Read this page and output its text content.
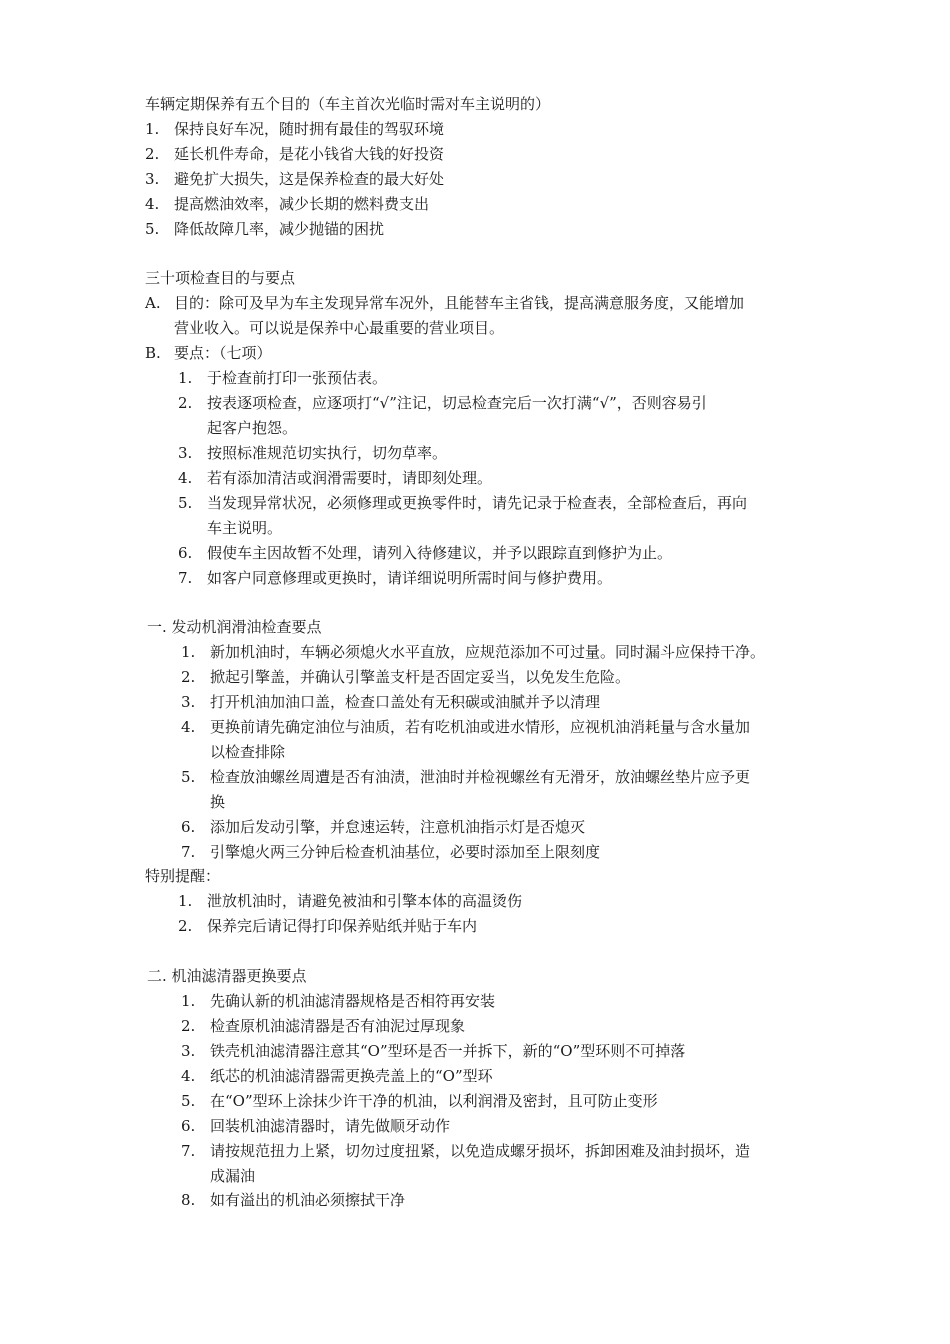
车辆定期保养有五个目的（车主首次光临时需对车主说明的）
1. 保持良好车况，随时拥有最佳的驾驭环境
2. 延长机件寿命，是花小钱省大钱的好投资
3. 避免扩大损失，这是保养检查的最大好处
4. 提高燃油效率，减少长期的燃料费支出
5. 降低故障几率，减少抛锚的困扰
三十项检查目的与要点
A. 目的：除可及早为车主发现异常车况外，且能替车主省钱，提高满意服务度，又能增加
营业收入。可以说是保养中心最重要的营业项目。
B. 要点：（七项）
1. 于检查前打印一张预估表。
2. 按表逐项检查，应逐项打“√”注记，切忌检查完后一次打满“√”，否则容易引
起客户抱怨。
3. 按照标准规范切实执行，切勿草率。
4. 若有添加清洁或润滑需要时，请即刻处理。
5. 当发现异常状况，必须修理或更换零件时，请先记录于检查表，全部检查后，再向
车主说明。
6. 假使车主因故暂不处理，请列入待修建议，并予以跟踪直到修护为止。
7. 如客户同意修理或更换时，请详细说明所需时间与修护费用。
一. 发动机润滑油检查要点
1. 新加机油时，车辆必须熄火水平直放，应规范添加不可过量。同时漏斗应保持干净。
2. 掀起引擎盖，并确认引擎盖支杆是否固定妥当，以免发生危险。
3. 打开机油加油口盖，检查口盖处有无积碳或油腻并予以清理
4. 更换前请先确定油位与油质，若有吃机油或进水情形，应视机油消耗量与含水量加
以检查排除
5. 检查放油螺丝周遭是否有油渍，泄油时并检视螺丝有无滑牙，放油螺丝垫片应予更
换
6. 添加后发动引擎，并怠速运转，注意机油指示灯是否熄灭
7. 引擎熄火两三分钟后检查机油基位，必要时添加至上限刻度
特别提醒：
1. 泄放机油时，请避免被油和引擎本体的高温烫伤
2. 保养完后请记得打印保养贴纸并贴于车内
二. 机油滤清器更换要点
1. 先确认新的机油滤清器规格是否相符再安装
2. 检查原机油滤清器是否有油泥过厚现象
3. 铁壳机油滤清器注意其“O”型环是否一并拆下，新的“O”型环则不可掉落
4. 纸芯的机油滤清器需更换壳盖上的“O”型环
5. 在“O”型环上涂抹少许干净的机油，以利润滑及密封，且可防止变形
6. 回装机油滤清器时，请先做顺牙动作
7. 请按规范扭力上紧，切勿过度扭紧，以免造成螺牙损坏，拆卸困难及油封损坏，造
成漏油
8. 如有溢出的机油必须擦拭干净
